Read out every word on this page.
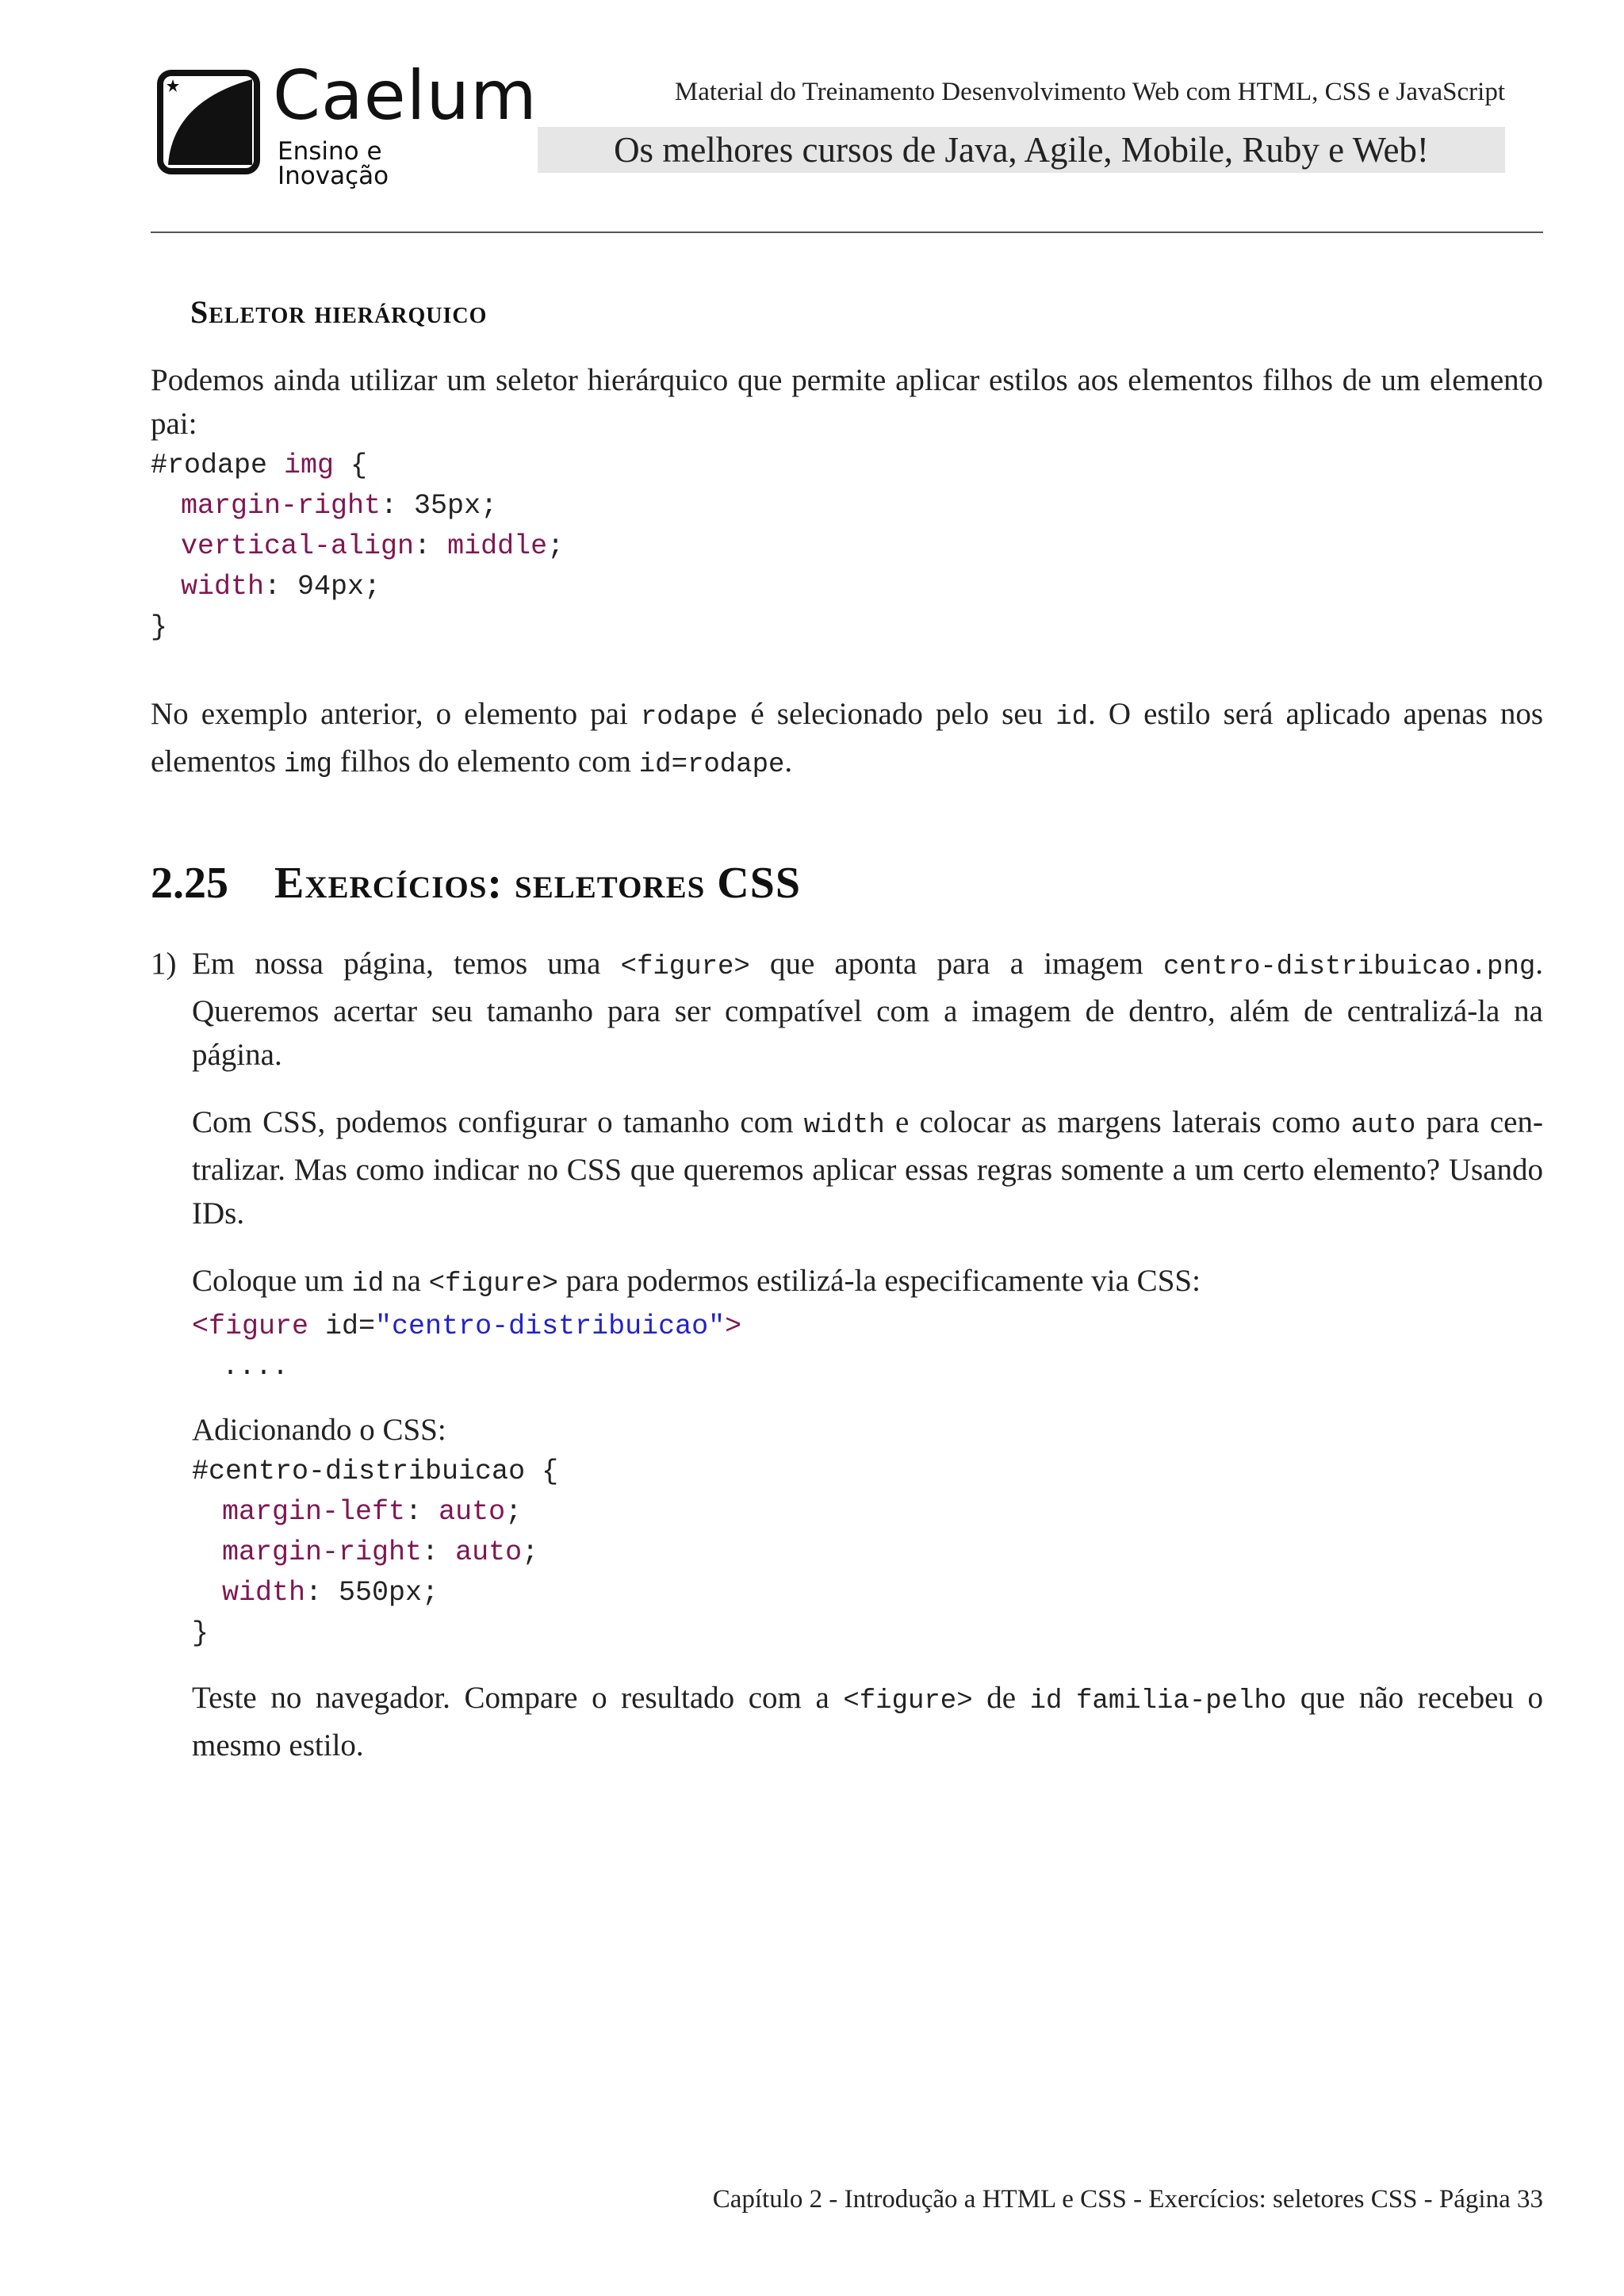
Caelum
Ensino e Inovação
Material do Treinamento Desenvolvimento Web com HTML, CSS e JavaScript
Os melhores cursos de Java, Agile, Mobile, Ruby e Web!
Seletor hierárquico

Podemos ainda utilizar um seletor hierárquico que permite aplicar estilos aos elementos filhos de um elemento pai:

#rodape img {
margin-right: 35px;
vertical-align: middle;
width: 94px;
}

No exemplo anterior, o elemento pai rodape é selecionado pelo seu id. O estilo será aplicado apenas nos elementos img filhos do elemento com id=rodape.

2.25 Exercícios: seletores CSS
1) Em nossa página, temos uma <figure> que aponta para a imagem centro-distribuicao.png. Queremos acertar seu tamanho para ser compatível com a imagem de dentro, além de centralizá-la na página.

Com CSS, podemos configurar o tamanho com width e colocar as margens laterais como auto para centralizar. Mas como indicar no CSS que queremos aplicar essas regras somente a um certo elemento? Usando IDs.

Coloque um id na <figure> para podermos estilizá-la especificamente via CSS:

<figure id="centro-distribuicao">
....

Adicionando o CSS:

#centro-distribuicao {
margin-left: auto;
margin-right: auto;
width: 550px;
}

Teste no navegador. Compare o resultado com a <figure> de id familia-pelho que não recebeu o mesmo estilo.

Capítulo 2 - Introdução a HTML e CSS - Exercícios: seletores CSS - Página 33
